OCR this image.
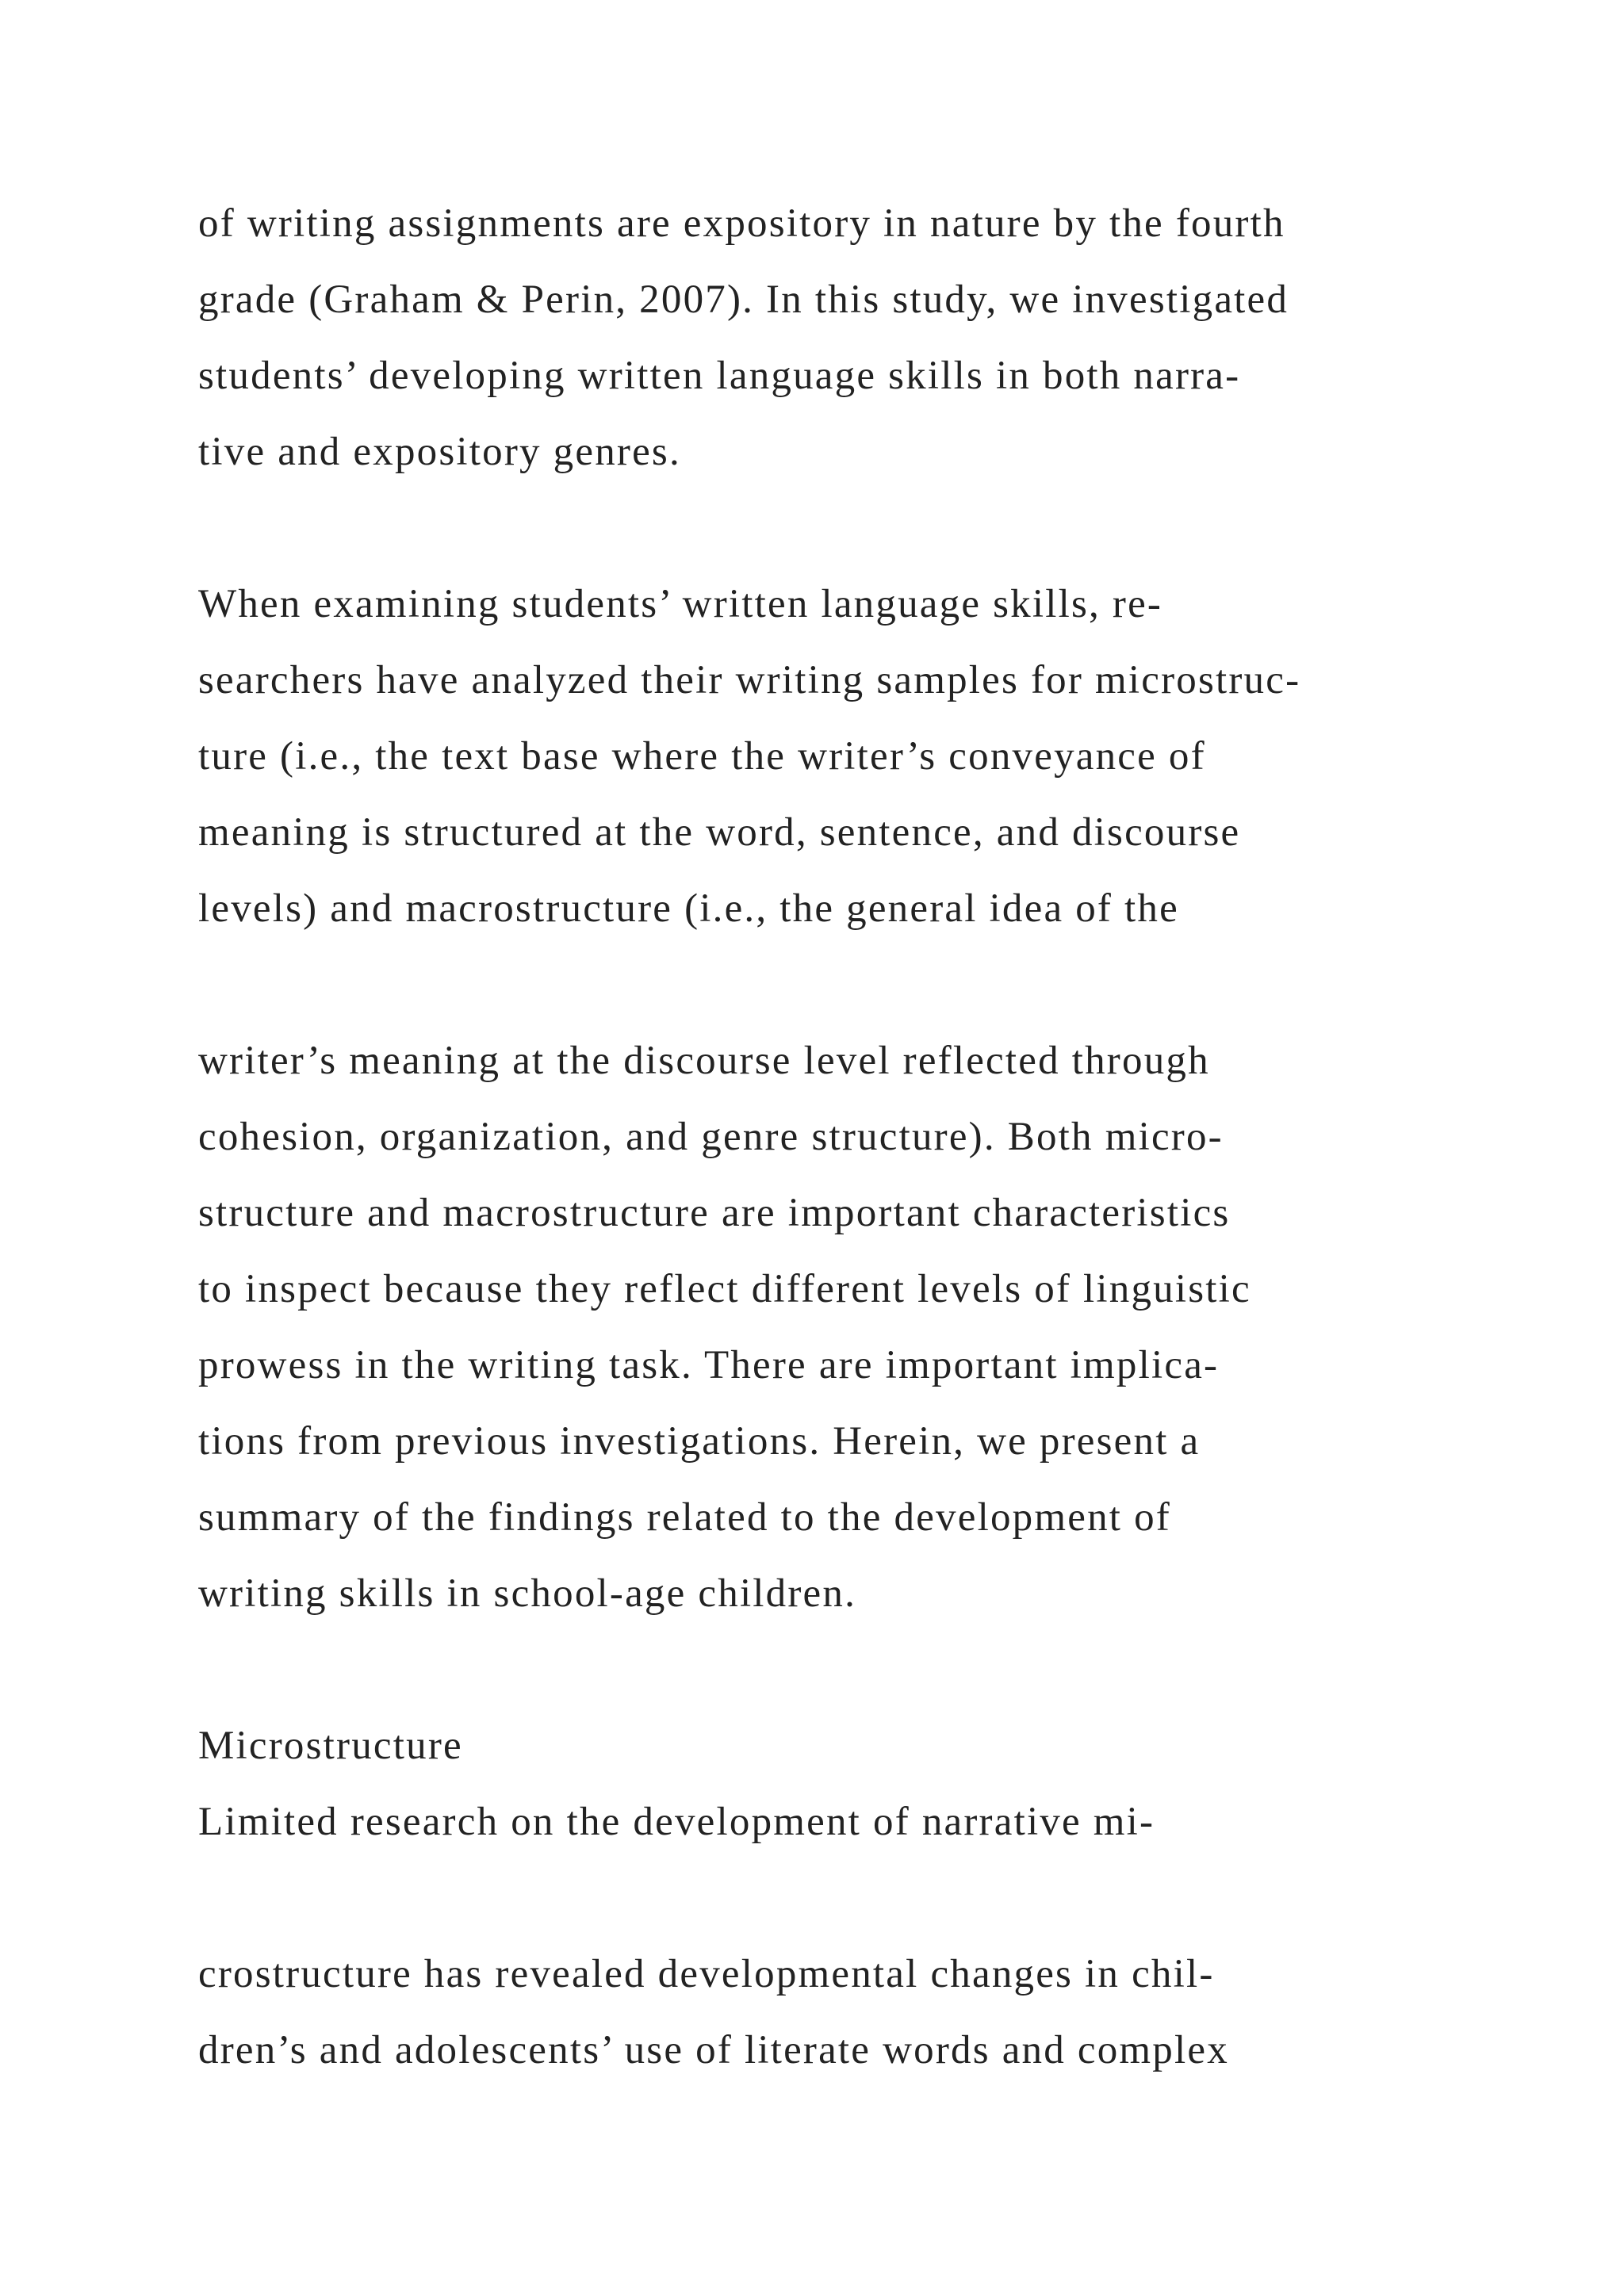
of writing assignments are expository in nature by the fourth

grade (Graham & Perin, 2007). In this study, we investigated

students’ developing written language skills in both narra-

tive and expository genres.

When examining students’ written language skills, re-

searchers have analyzed their writing samples for microstruc-

ture (i.e., the text base where the writer’s conveyance of

meaning is structured at the word, sentence, and discourse

levels) and macrostructure (i.e., the general idea of the

writer’s meaning at the discourse level reflected through

cohesion, organization, and genre structure). Both micro-

structure and macrostructure are important characteristics

to inspect because they reflect different levels of linguistic

prowess in the writing task. There are important implica-

tions from previous investigations. Herein, we present a

summary of the findings related to the development of

writing skills in school-age children.

Microstructure

Limited research on the development of narrative mi-

crostructure has revealed developmental changes in chil-

dren’s and adolescents’ use of literate words and complex
